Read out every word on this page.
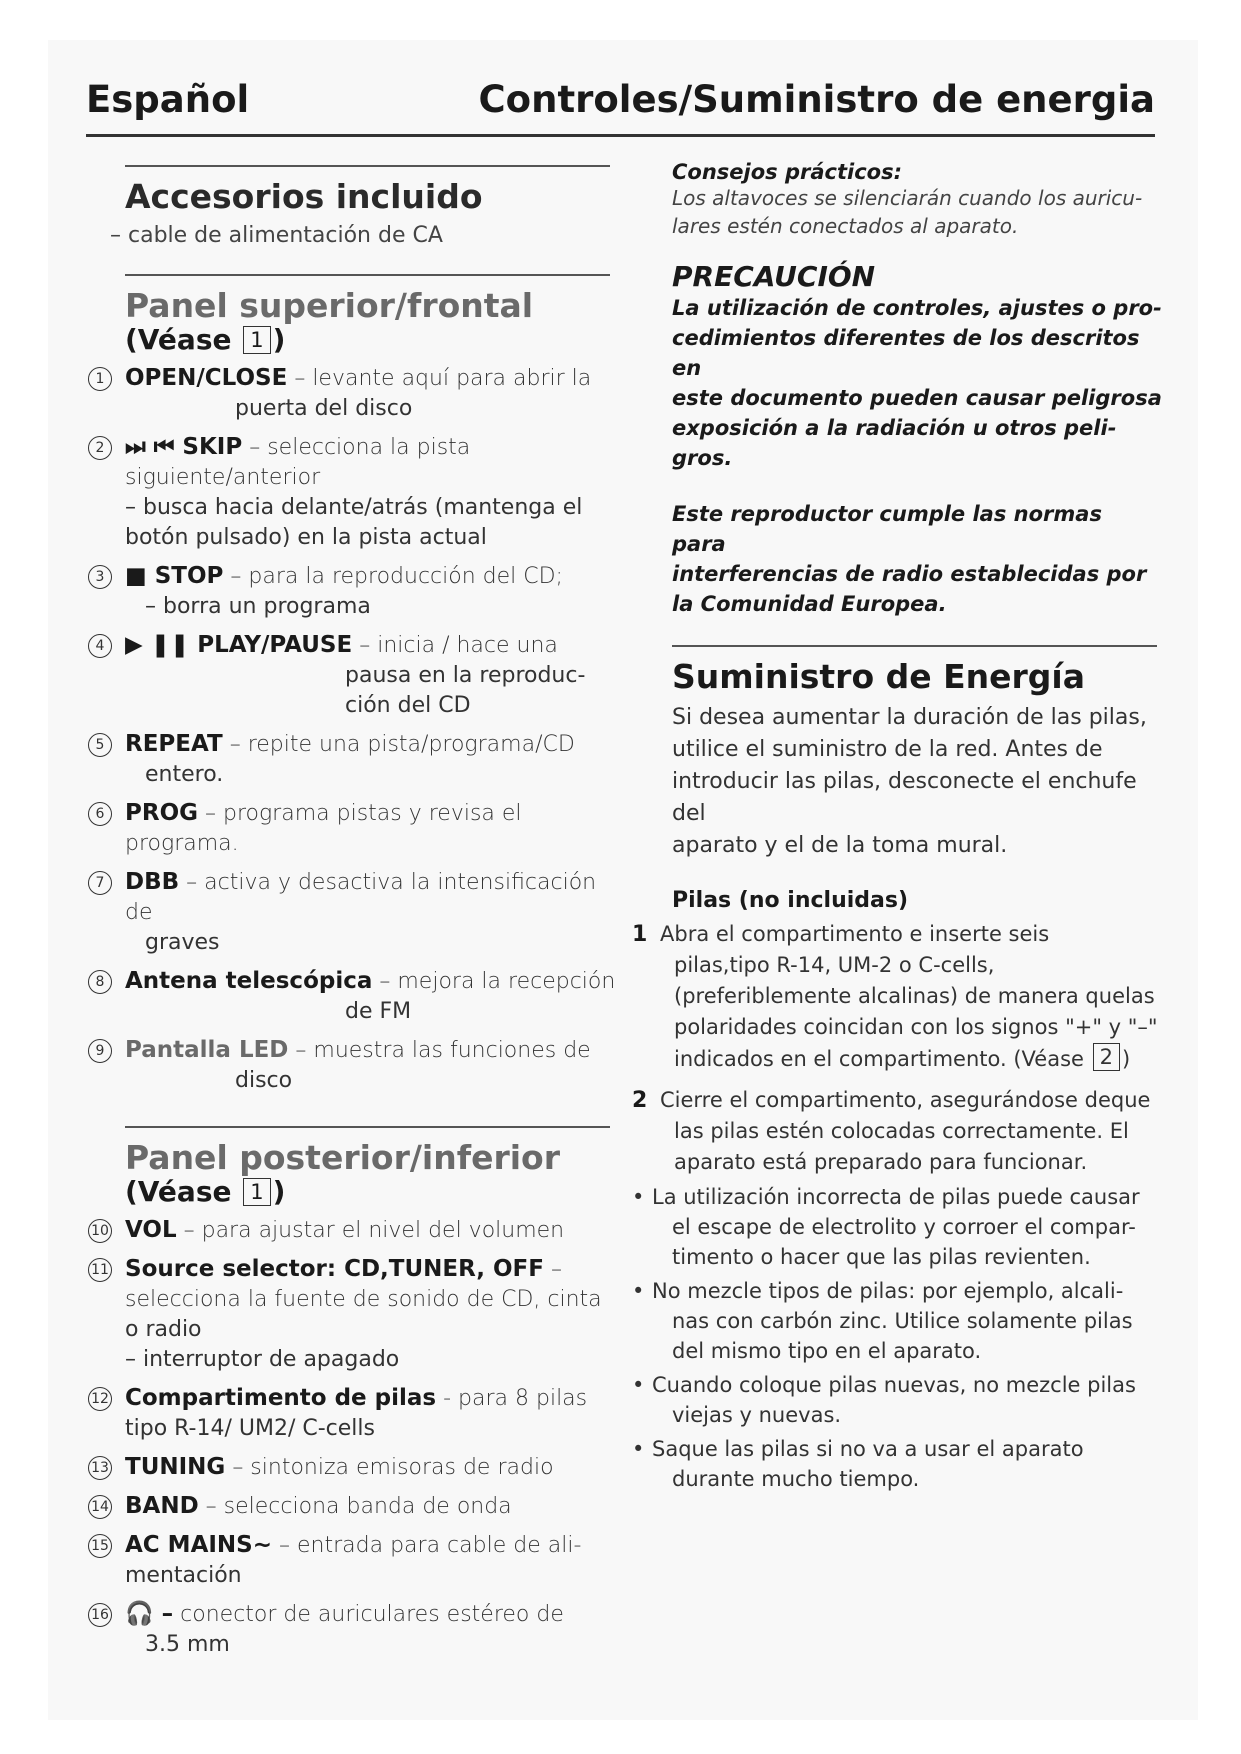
Español	Controles/Suministro de energia
Accesorios incluido
– cable de alimentación de CA
Panel superior/frontal
(Véase 1 )
1 OPEN/CLOSE – levante aquí para abrir la
puerta del disco
2 ⏭ ⏮ SKIP – selecciona la pista siguiente/anterior
– busca hacia delante/atrás (mantenga el
botón pulsado) en la pista actual
3 ■ STOP – para la reproducción del CD;
– borra un programa
4 ▶ ❚❚ PLAY/PAUSE – inicia / hace una
pausa en la reproduc-
ción del CD
5 REPEAT – repite una pista/programa/CD
entero.
6 PROG – programa pistas y revisa el programa.
7 DBB – activa y desactiva la intensificación de
graves
8 Antena telescópica – mejora la recepción
de FM
9 Pantalla LED – muestra las funciones de
disco
Panel posterior/inferior
(Véase 1 )
10 VOL – para ajustar el nivel del volumen
11 Source selector: CD,TUNER, OFF – selecciona la fuente de sonido de CD, cinta
o radio
– interruptor de apagado
12 Compartimento de pilas - para 8 pilas
tipo R-14/ UM2/ C-cells
13 TUNING – sintoniza emisoras de radio
14 BAND – selecciona banda de onda
15 AC MAINS~ – entrada para cable de ali-
mentación
16 🎧 – conector de auriculares estéreo de
3.5 mm
Consejos prácticos:
Los altavoces se silenciarán cuando los auricu-
lares estén conectados al aparato.
PRECAUCIÓN
La utilización de controles, ajustes o pro-
cedimientos diferentes de los descritos en
este documento pueden causar peligrosa
exposición a la radiación u otros peli-
gros.
Este reproductor cumple las normas para
interferencias de radio establecidas por
la Comunidad Europea.
Suministro de Energía
Si desea aumentar la duración de las pilas,
utilice el suministro de la red. Antes de
introducir las pilas, desconecte el enchufe del
aparato y el de la toma mural.
Pilas (no incluidas)
1 Abra el compartimento e inserte seis
pilas,tipo R-14, UM-2 o C-cells,
(preferiblemente alcalinas) de manera quelas
polaridades coincidan con los signos "+" y "–"
indicados en el compartimento. (Véase 2 )
2 Cierre el compartimento, asegurándose deque
las pilas estén colocadas correctamente. El
aparato está preparado para funcionar.
• La utilización incorrecta de pilas puede causar
el escape de electrolito y corroer el compar-
timento o hacer que las pilas revienten.
• No mezcle tipos de pilas: por ejemplo, alcali-
nas con carbón zinc. Utilice solamente pilas
del mismo tipo en el aparato.
• Cuando coloque pilas nuevas, no mezcle pilas
viejas y nuevas.
• Saque las pilas si no va a usar el aparato
durante mucho tiempo.
